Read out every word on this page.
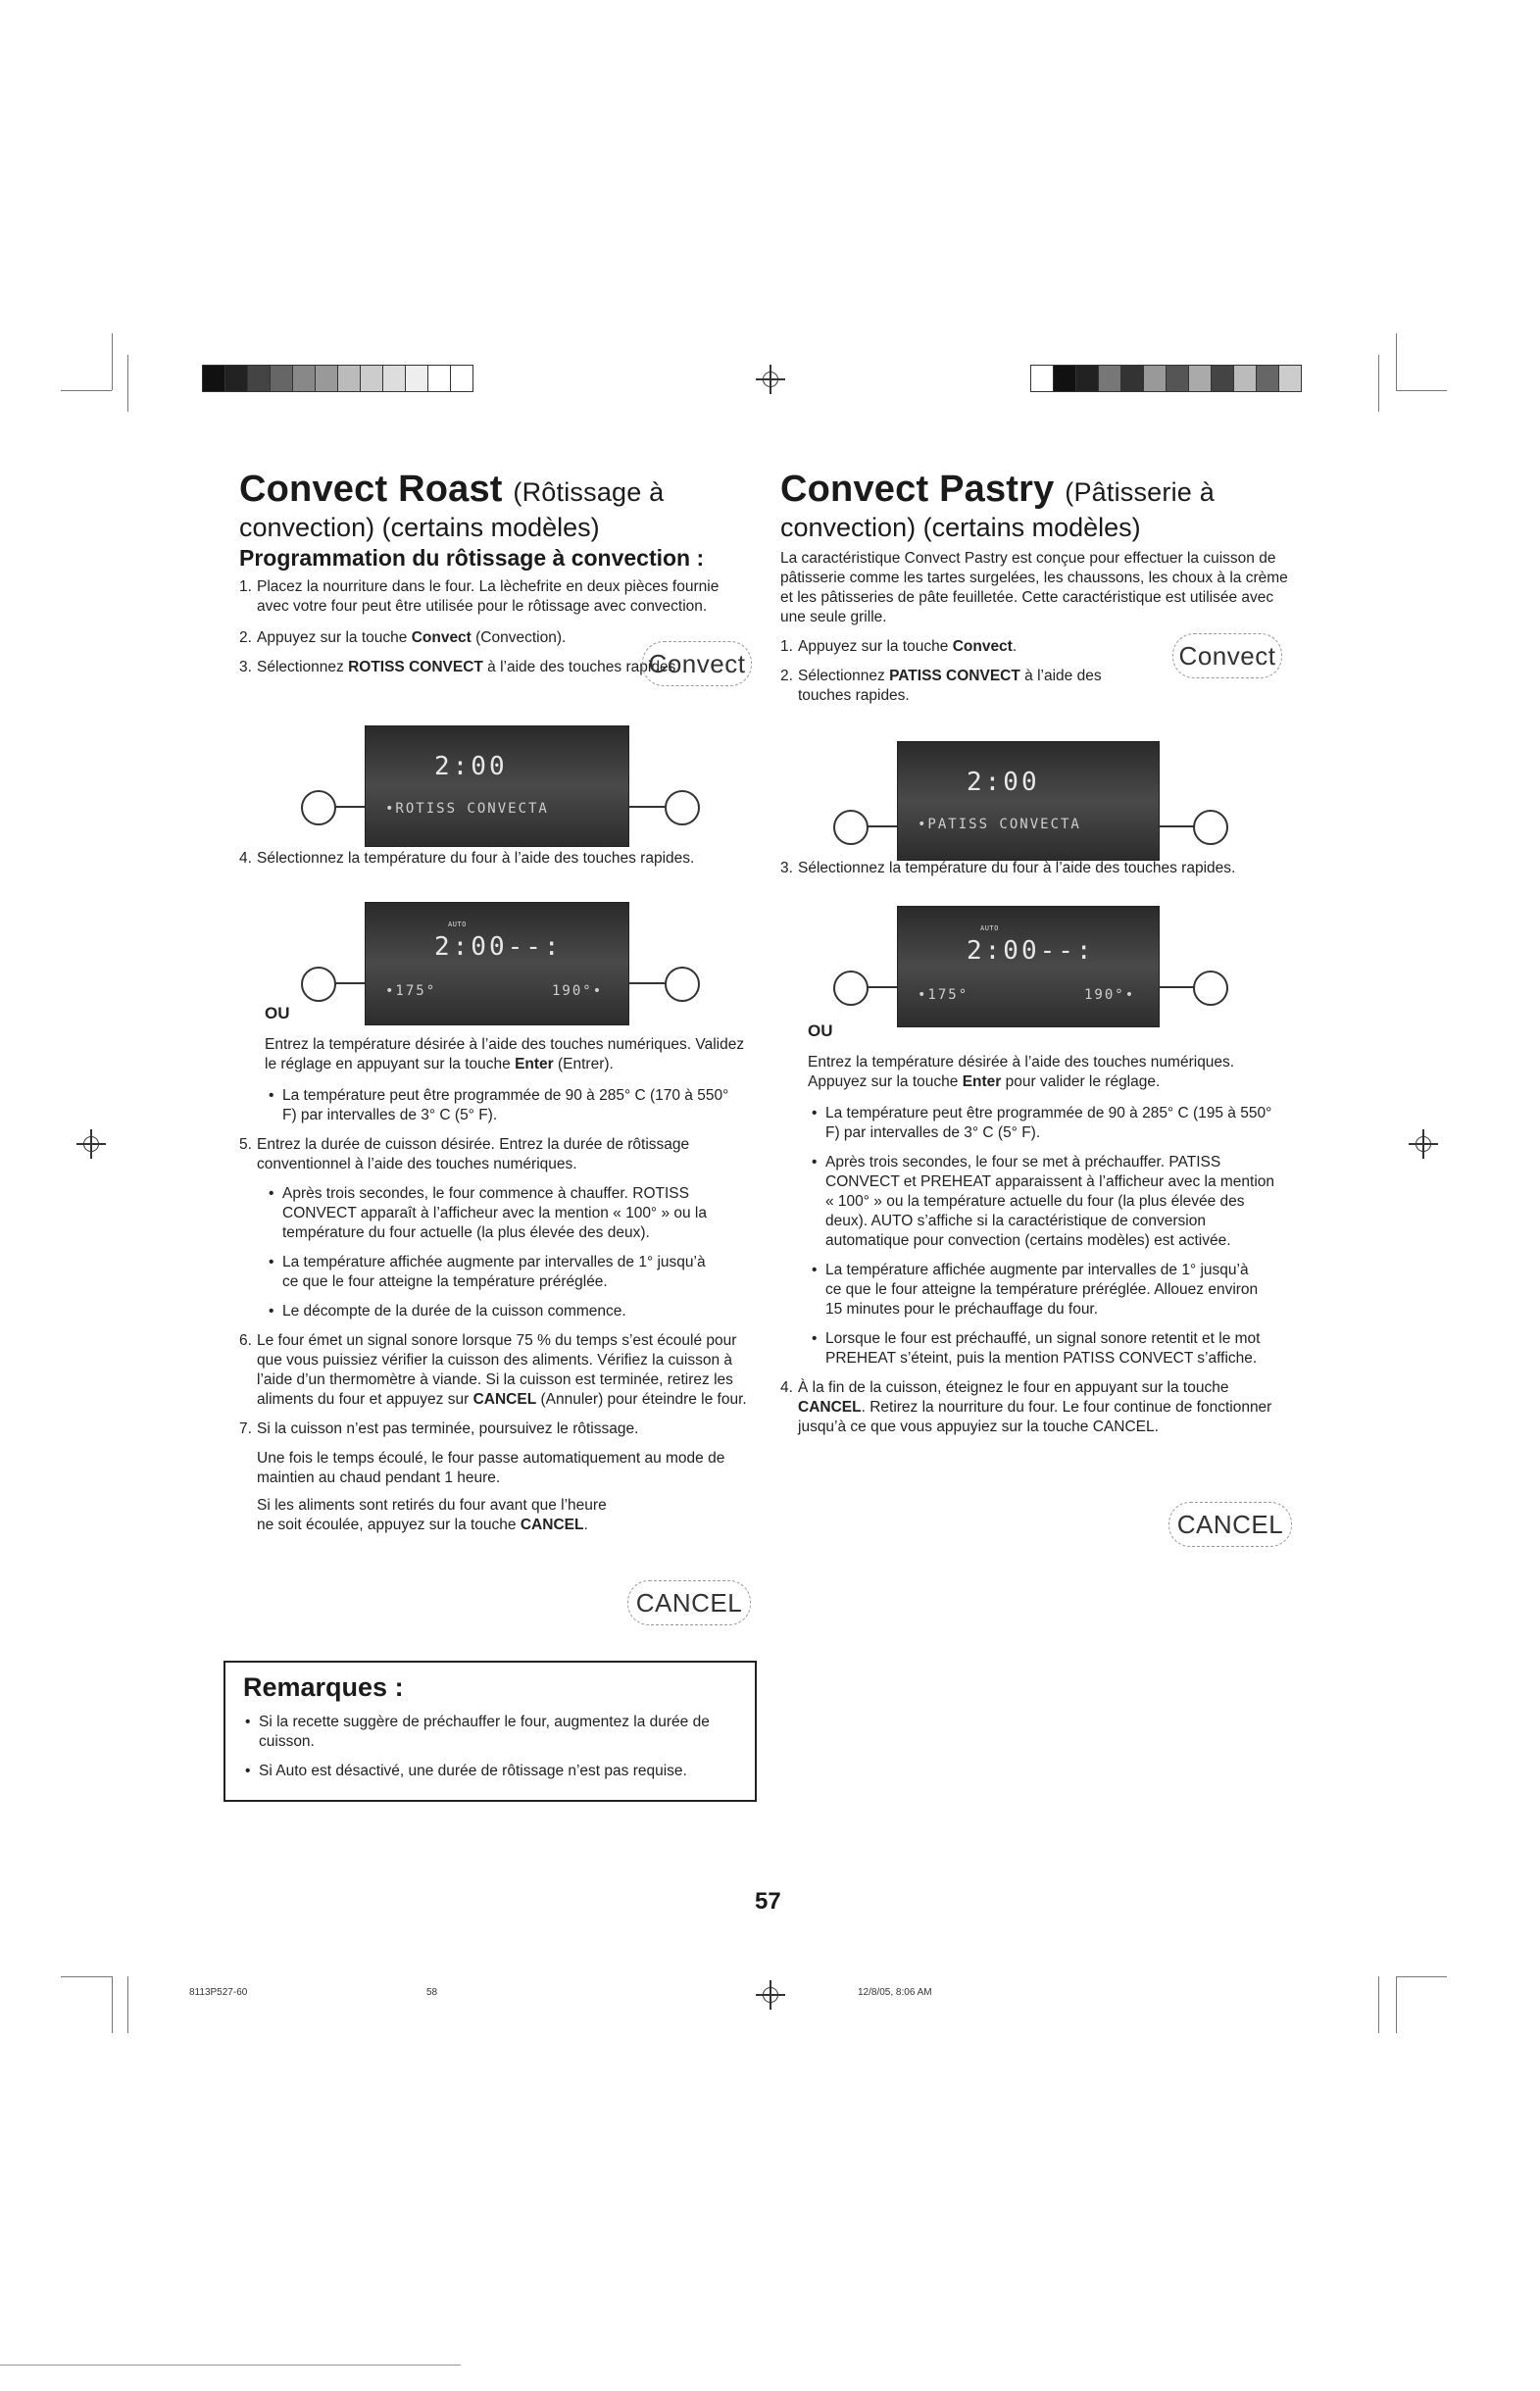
Convect Roast (Rôtissage à
convection) (certains modèles)
Programmation du rôtissage à convection :
1. Placez la nourriture dans le four. La lèchefrite en deux pièces fournie avec votre four peut être utilisée pour le rôtissage avec convection.
2. Appuyez sur la touche Convect (Convection).
3. Sélectionnez ROTISS CONVECT à l’aide des touches rapides.
Convect
2:00
•ROTISS CONVECTA
4. Sélectionnez la température du four à l’aide des touches rapides.
AUTO
2:00--:
•175°	190°•
OU

Entrez la température désirée à l’aide des touches numériques. Validez le réglage en appuyant sur la touche Enter (Entrer).

• La température peut être programmée de 90 à 285° C (170 à 550° F) par intervalles de 3° C (5° F).
5. Entrez la durée de cuisson désirée. Entrez la durée de rôtissage conventionnel à l’aide des touches numériques.
• Après trois secondes, le four commence à chauffer. ROTISS CONVECT apparaît à l’afficheur avec la mention « 100° » ou la température du four actuelle (la plus élevée des deux).
• La température affichée augmente par intervalles de 1° jusqu’à ce que le four atteigne la température préréglée.
• Le décompte de la durée de la cuisson commence.
6. Le four émet un signal sonore lorsque 75 % du temps s’est écoulé pour que vous puissiez vérifier la cuisson des aliments. Vérifiez la cuisson à l’aide d’un thermomètre à viande. Si la cuisson est terminée, retirez les aliments du four et appuyez sur CANCEL (Annuler) pour éteindre le four.
7. Si la cuisson n’est pas terminée, poursuivez le rôtissage.

Une fois le temps écoulé, le four passe automatiquement au mode de maintien au chaud pendant 1 heure.

Si les aliments sont retirés du four avant que l’heure ne soit écoulée, appuyez sur la touche CANCEL.

CANCEL
Remarques :
• Si la recette suggère de préchauffer le four, augmentez la durée de cuisson.
• Si Auto est désactivé, une durée de rôtissage n’est pas requise.
Convect Pastry (Pâtisserie à
convection) (certains modèles)

La caractéristique Convect Pastry est conçue pour effectuer la cuisson de pâtisserie comme les tartes surgelées, les chaussons, les choux à la crème et les pâtisseries de pâte feuilletée. Cette caractéristique est utilisée avec une seule grille.

1. Appuyez sur la touche Convect.
2. Sélectionnez PATISS CONVECT à l’aide des touches rapides.
Convect
2:00
•PATISS CONVECTA
3. Sélectionnez la température du four à l’aide des touches rapides.
AUTO
2:00--:
•175°	190°•
OU

Entrez la température désirée à l’aide des touches numériques. Appuyez sur la touche Enter pour valider le réglage.

• La température peut être programmée de 90 à 285° C (195 à 550° F) par intervalles de 3° C (5° F).
• Après trois secondes, le four se met à préchauffer. PATISS CONVECT et PREHEAT apparaissent à l’afficheur avec la mention « 100° » ou la température actuelle du four (la plus élevée des deux). AUTO s’affiche si la caractéristique de conversion automatique pour convection (certains modèles) est activée.
• La température affichée augmente par intervalles de 1° jusqu’à ce que le four atteigne la température préréglée. Allouez environ 15 minutes pour le préchauffage du four.
• Lorsque le four est préchauffé, un signal sonore retentit et le mot PREHEAT s’éteint, puis la mention PATISS CONVECT s’affiche.
4. À la fin de la cuisson, éteignez le four en appuyant sur la touche CANCEL. Retirez la nourriture du four. Le four continue de fonctionner jusqu’à ce que vous appuyiez sur la touche CANCEL.
CANCEL
57
8113P527-60	58	12/8/05, 8:06 AM
